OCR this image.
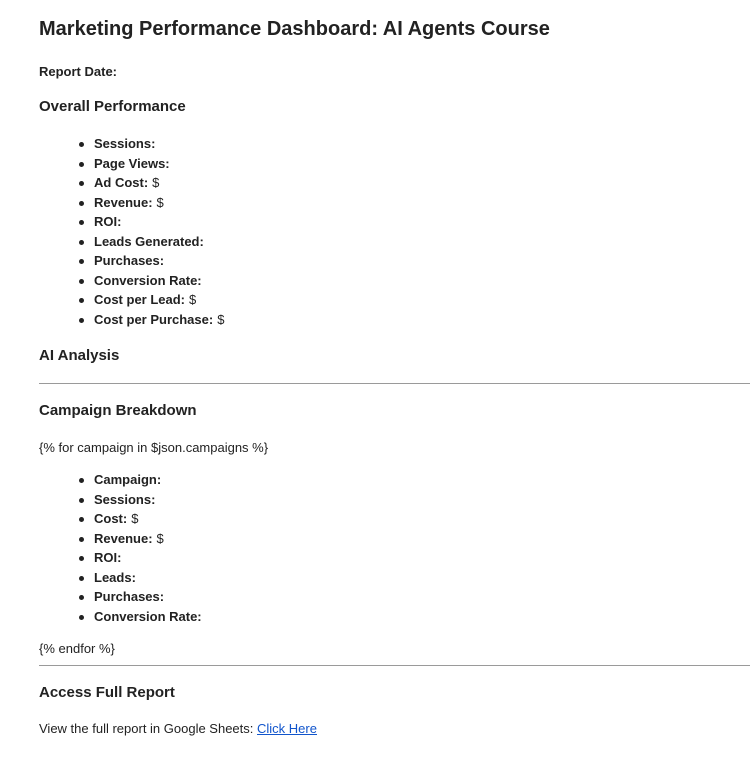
Marketing Performance Dashboard: AI Agents Course

Report Date:

Overall Performance
Sessions:
Page Views:
Ad Cost: $
Revenue: $
ROI:
Leads Generated:
Purchases:
Conversion Rate:
Cost per Lead: $
Cost per Purchase: $
AI Analysis
Campaign Breakdown

{% for campaign in $json.campaigns %}

Campaign:
Sessions:
Cost: $
Revenue: $
ROI:
Leads:
Purchases:
Conversion Rate:

{% endfor %}

Access Full Report

View the full report in Google Sheets: Click Here
